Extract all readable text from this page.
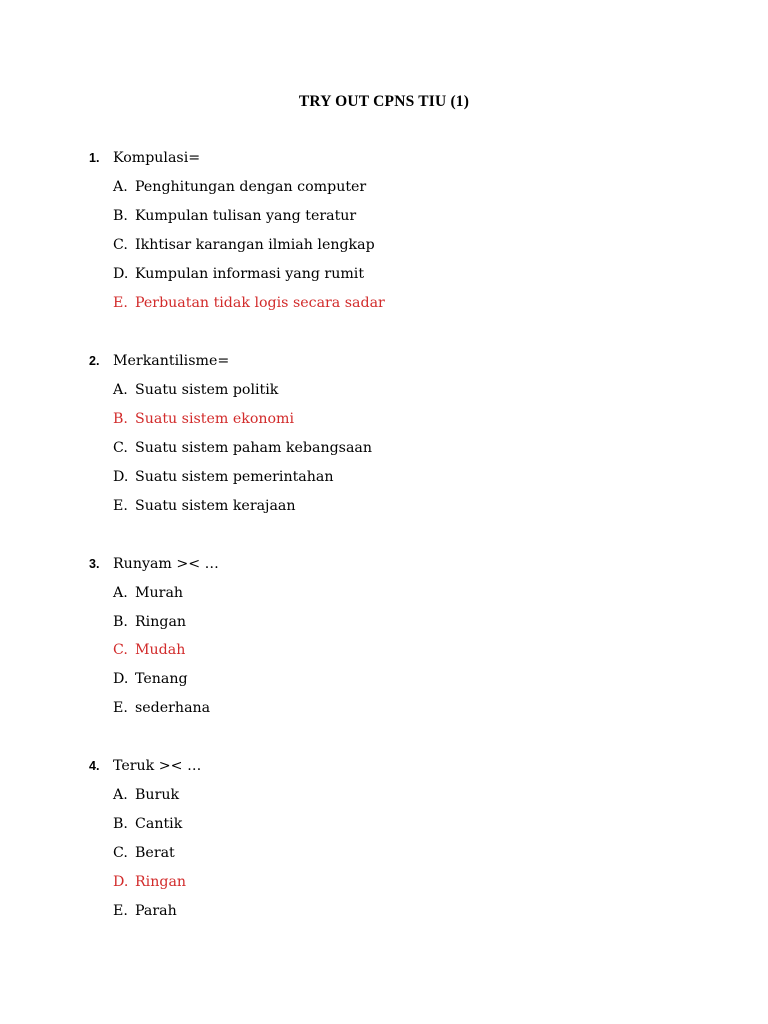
TRY OUT CPNS TIU (1)
1. Kompulasi=
A. Penghitungan dengan computer
B. Kumpulan tulisan yang teratur
C. Ikhtisar karangan ilmiah lengkap
D. Kumpulan informasi yang rumit
E. Perbuatan tidak logis secara sadar
2. Merkantilisme=
A. Suatu sistem politik
B. Suatu sistem ekonomi
C. Suatu sistem paham kebangsaan
D. Suatu sistem pemerintahan
E. Suatu sistem kerajaan
3. Runyam >< …
A. Murah
B. Ringan
C. Mudah
D. Tenang
E. sederhana
4. Teruk >< …
A. Buruk
B. Cantik
C. Berat
D. Ringan
E. Parah
